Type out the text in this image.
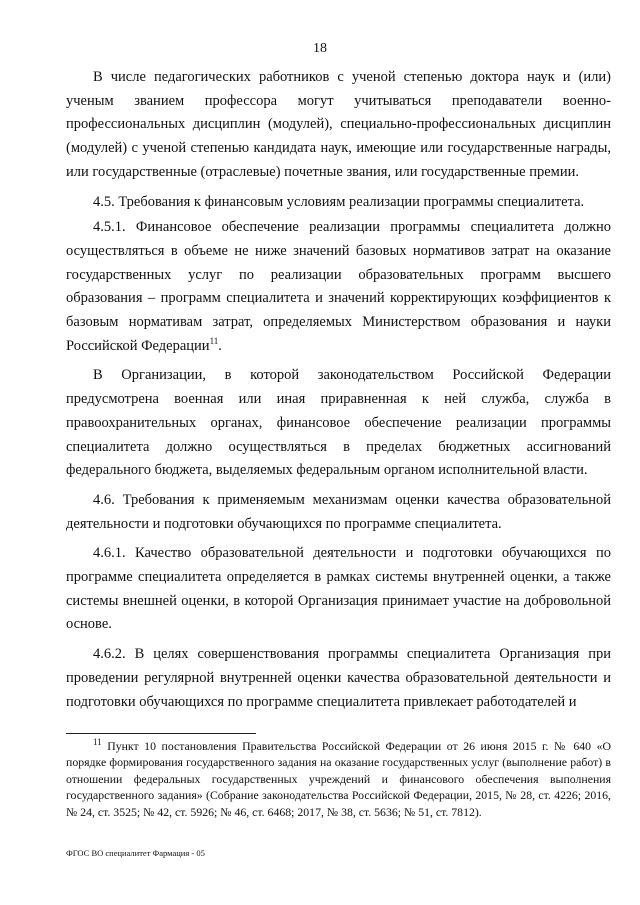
18

В числе педагогических работников с ученой степенью доктора наук и (или) ученым званием профессора могут учитываться преподаватели военно-профессиональных дисциплин (модулей), специально-профессиональных дисциплин (модулей) с ученой степенью кандидата наук, имеющие или государственные награды, или государственные (отраслевые) почетные звания, или государственные премии.

4.5. Требования к финансовым условиям реализации программы специалитета.

4.5.1. Финансовое обеспечение реализации программы специалитета должно осуществляться в объеме не ниже значений базовых нормативов затрат на оказание государственных услуг по реализации образовательных программ высшего образования – программ специалитета и значений корректирующих коэффициентов к базовым нормативам затрат, определяемых Министерством образования и науки Российской Федерации$^{11}$.

В Организации, в которой законодательством Российской Федерации предусмотрена военная или иная приравненная к ней служба, служба в правоохранительных органах, финансовое обеспечение реализации программы специалитета должно осуществляться в пределах бюджетных ассигнований федерального бюджета, выделяемых федеральным органом исполнительной власти.

4.6. Требования к применяемым механизмам оценки качества образовательной деятельности и подготовки обучающихся по программе специалитета.

4.6.1. Качество образовательной деятельности и подготовки обучающихся по программе специалитета определяется в рамках системы внутренней оценки, а также системы внешней оценки, в которой Организация принимает участие на добровольной основе.

4.6.2. В целях совершенствования программы специалитета Организация при проведении регулярной внутренней оценки качества образовательной деятельности и подготовки обучающихся по программе специалитета привлекает работодателей и

$^{11}$ Пункт 10 постановления Правительства Российской Федерации от 26 июня 2015 г. № 640 «О порядке формирования государственного задания на оказание государственных услуг (выполнение работ) в отношении федеральных государственных учреждений и финансового обеспечения выполнения государственного задания» (Собрание законодательства Российской Федерации, 2015, № 28, ст. 4226; 2016, № 24, ст. 3525; № 42, ст. 5926; № 46, ст. 6468; 2017, № 38, ст. 5636; № 51, ст. 7812).

ФГОС ВО специалитет Фармация - 05
